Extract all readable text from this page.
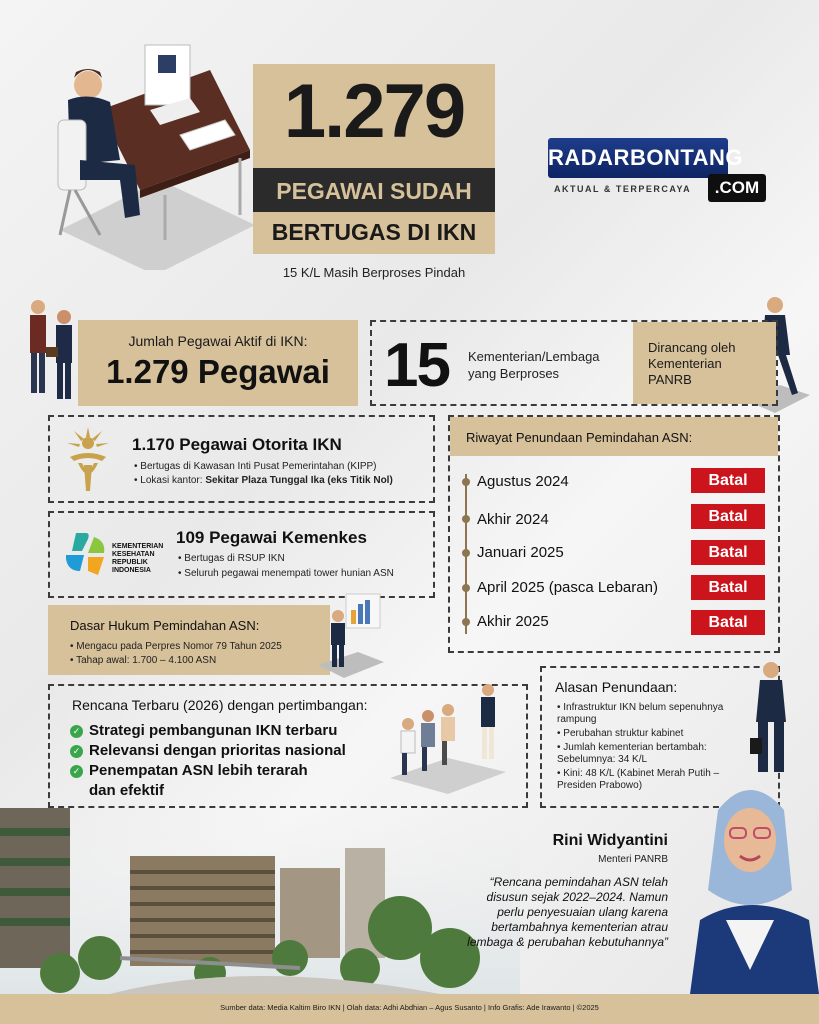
1.279
PEGAWAI SUDAH
BERTUGAS DI IKN
15 K/L Masih Berproses Pindah
RADARBONTANG
.COM
AKTUAL & TERPERCAYA
Jumlah Pegawai Aktif di IKN:
1.279 Pegawai 15 Kementerian/Lembaga yang Berproses
Dirancang oleh Kementerian PANRB
1.170 Pegawai Otorita IKN
• Bertugas di Kawasan Inti Pusat Pemerintahan (KIPP)
• Lokasi kantor: Sekitar Plaza Tunggal Ika (eks Titik Nol)
KEMENTERIAN KESEHATAN REPUBLIK INDONESIA
109 Pegawai Kemenkes
• Bertugas di RSUP IKN
• Seluruh pegawai menempati tower hunian ASN
Dasar Hukum Pemindahan ASN:
• Mengacu pada Perpres Nomor 79 Tahun 2025
• Tahap awal: 1.700 – 4.100 ASN
Riwayat Penundaan Pemindahan ASN:
Agustus 2024	Batal
Akhir 2024	Batal
Januari 2025	Batal
April 2025 (pasca Lebaran)	Batal
Akhir 2025	Batal
Rencana Terbaru (2026) dengan pertimbangan:
✓ Strategi pembangunan IKN terbaru
✓ Relevansi dengan prioritas nasional
✓ Penempatan ASN lebih terarah
dan efektif
Alasan Penundaan:
• Infrastruktur IKN belum sepenuhnya rampung
• Perubahan struktur kabinet
• Jumlah kementerian bertambah: Sebelumnya: 34 K/L
• Kini: 48 K/L (Kabinet Merah Putih – Presiden Prabowo)
Rini Widyantini
Menteri PANRB
“Rencana pemindahan ASN telah disusun sejak 2022–2024. Namun perlu penyesuaian ulang karena bertambahnya kementerian atrau lembaga & perubahan kebutuhannya”
Sumber data: Media Kaltim Biro IKN | Olah data: Adhi Abdhian – Agus Susanto | Info Grafis: Ade Irawanto | ©2025
